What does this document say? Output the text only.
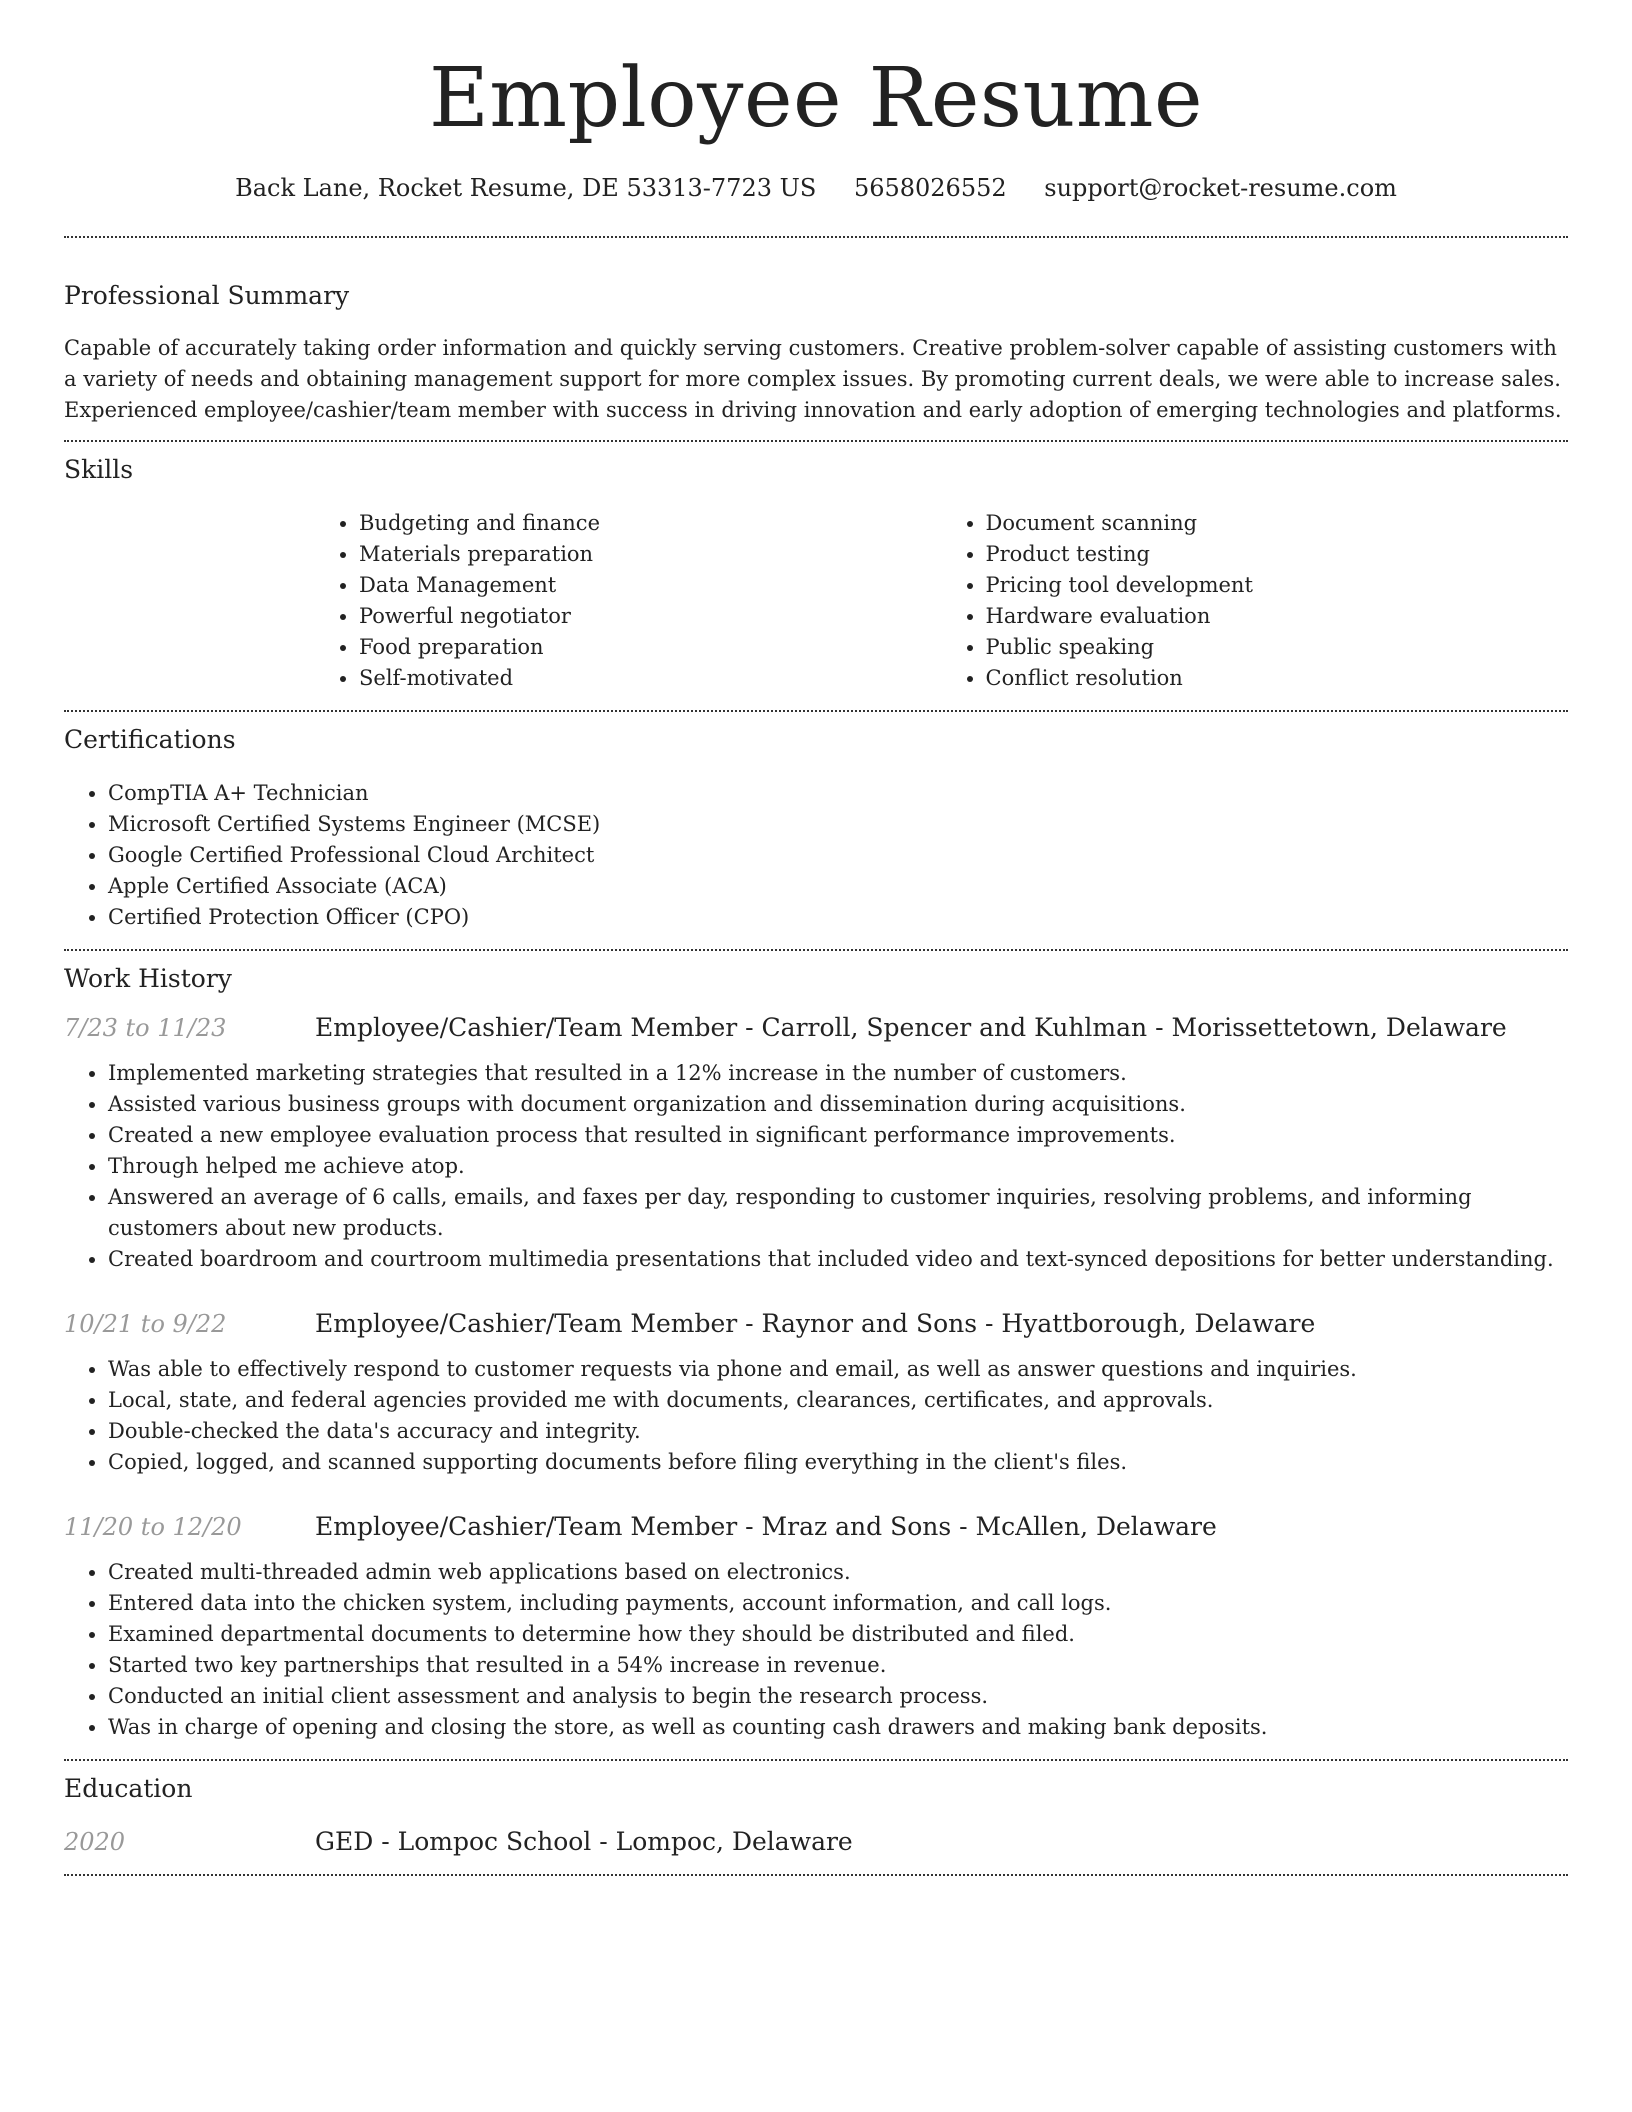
Employee Resume
Back Lane, Rocket Resume, DE 53313-7723 US 5658026552 support@rocket-resume.com
Professional Summary

Capable of accurately taking order information and quickly serving customers. Creative problem-solver capable of assisting customers with a variety of needs and obtaining management support for more complex issues. By promoting current deals, we were able to increase sales. Experienced employee/cashier/team member with success in driving innovation and early adoption of emerging technologies and platforms.

Skills
• Budgeting and finance
• Materials preparation
• Data Management
• Powerful negotiator
• Food preparation
• Self-motivated
• Document scanning
• Product testing
• Pricing tool development
• Hardware evaluation
• Public speaking
• Conflict resolution
Certifications
• CompTIA A+ Technician
• Microsoft Certified Systems Engineer (MCSE)
• Google Certified Professional Cloud Architect
• Apple Certified Associate (ACA)
• Certified Protection Officer (CPO)
Work History
7/23 to 11/23	Employee/Cashier/Team Member - Carroll, Spencer and Kuhlman - Morissettetown, Delaware
• Implemented marketing strategies that resulted in a 12% increase in the number of customers.
• Assisted various business groups with document organization and dissemination during acquisitions.
• Created a new employee evaluation process that resulted in significant performance improvements.
• Through helped me achieve atop.
• Answered an average of 6 calls, emails, and faxes per day, responding to customer inquiries, resolving problems, and informing customers about new products.
• Created boardroom and courtroom multimedia presentations that included video and text-synced depositions for better understanding.
10/21 to 9/22	Employee/Cashier/Team Member - Raynor and Sons - Hyattborough, Delaware
• Was able to effectively respond to customer requests via phone and email, as well as answer questions and inquiries.
• Local, state, and federal agencies provided me with documents, clearances, certificates, and approvals.
• Double-checked the data's accuracy and integrity.
• Copied, logged, and scanned supporting documents before filing everything in the client's files.
11/20 to 12/20	Employee/Cashier/Team Member - Mraz and Sons - McAllen, Delaware
• Created multi-threaded admin web applications based on electronics.
• Entered data into the chicken system, including payments, account information, and call logs.
• Examined departmental documents to determine how they should be distributed and filed.
• Started two key partnerships that resulted in a 54% increase in revenue.
• Conducted an initial client assessment and analysis to begin the research process.
• Was in charge of opening and closing the store, as well as counting cash drawers and making bank deposits.
Education
2020	GED - Lompoc School - Lompoc, Delaware
